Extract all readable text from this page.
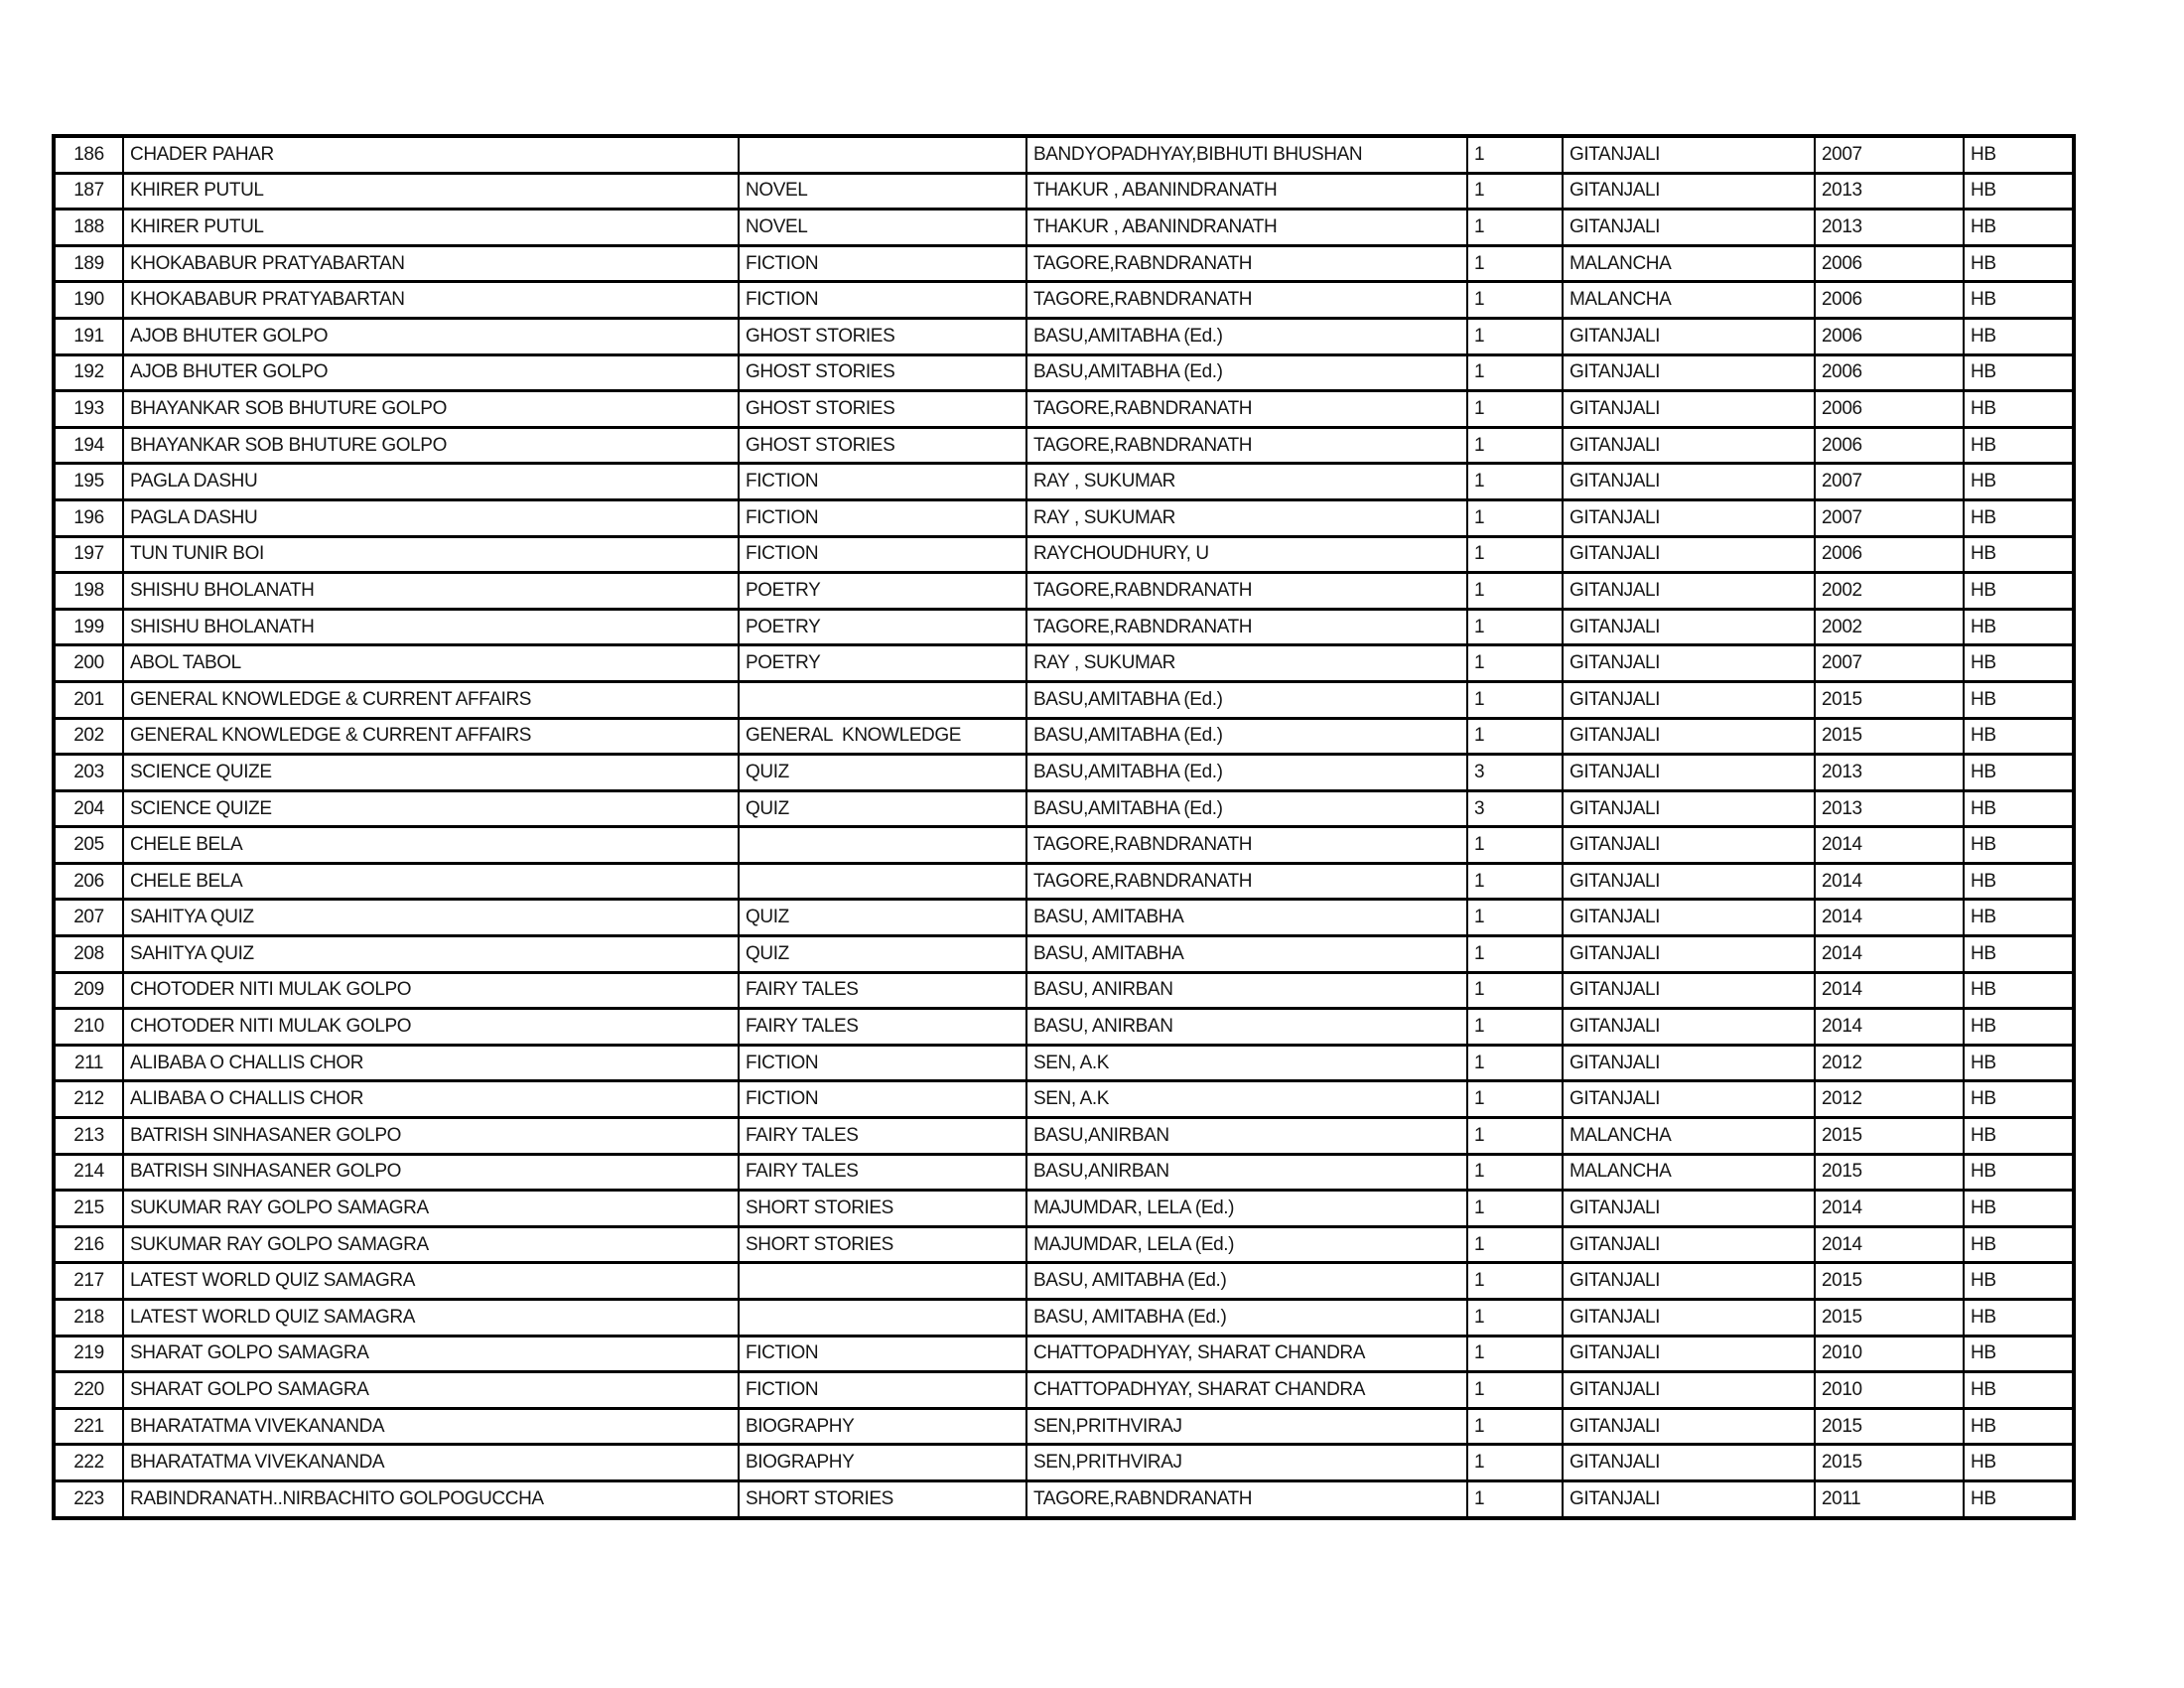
186	CHADER PAHAR		BANDYOPADHYAY,BIBHUTI BHUSHAN	1	GITANJALI	2007	HB
187	KHIRER PUTUL	NOVEL	THAKUR , ABANINDRANATH	1	GITANJALI	2013	HB
188	KHIRER PUTUL	NOVEL	THAKUR , ABANINDRANATH	1	GITANJALI	2013	HB
189	KHOKABABUR PRATYABARTAN	FICTION	TAGORE,RABNDRANATH	1	MALANCHA	2006	HB
190	KHOKABABUR PRATYABARTAN	FICTION	TAGORE,RABNDRANATH	1	MALANCHA	2006	HB
191	AJOB BHUTER GOLPO	GHOST STORIES	BASU,AMITABHA (Ed.)	1	GITANJALI	2006	HB
192	AJOB BHUTER GOLPO	GHOST STORIES	BASU,AMITABHA (Ed.)	1	GITANJALI	2006	HB
193	BHAYANKAR SOB BHUTURE GOLPO	GHOST STORIES	TAGORE,RABNDRANATH	1	GITANJALI	2006	HB
194	BHAYANKAR SOB BHUTURE GOLPO	GHOST STORIES	TAGORE,RABNDRANATH	1	GITANJALI	2006	HB
195	PAGLA DASHU	FICTION	RAY , SUKUMAR	1	GITANJALI	2007	HB
196	PAGLA DASHU	FICTION	RAY , SUKUMAR	1	GITANJALI	2007	HB
197	TUN TUNIR BOI	FICTION	RAYCHOUDHURY, U	1	GITANJALI	2006	HB
198	SHISHU BHOLANATH	POETRY	TAGORE,RABNDRANATH	1	GITANJALI	2002	HB
199	SHISHU BHOLANATH	POETRY	TAGORE,RABNDRANATH	1	GITANJALI	2002	HB
200	ABOL TABOL	POETRY	RAY , SUKUMAR	1	GITANJALI	2007	HB
201	GENERAL KNOWLEDGE & CURRENT AFFAIRS		BASU,AMITABHA (Ed.)	1	GITANJALI	2015	HB
202	GENERAL KNOWLEDGE & CURRENT AFFAIRS	GENERAL  KNOWLEDGE	BASU,AMITABHA (Ed.)	1	GITANJALI	2015	HB
203	SCIENCE QUIZE	QUIZ	BASU,AMITABHA (Ed.)	3	GITANJALI	2013	HB
204	SCIENCE QUIZE	QUIZ	BASU,AMITABHA (Ed.)	3	GITANJALI	2013	HB
205	CHELE BELA		TAGORE,RABNDRANATH	1	GITANJALI	2014	HB
206	CHELE BELA		TAGORE,RABNDRANATH	1	GITANJALI	2014	HB
207	SAHITYA QUIZ	QUIZ	BASU, AMITABHA	1	GITANJALI	2014	HB
208	SAHITYA QUIZ	QUIZ	BASU, AMITABHA	1	GITANJALI	2014	HB
209	CHOTODER NITI MULAK GOLPO	FAIRY TALES	BASU, ANIRBAN	1	GITANJALI	2014	HB
210	CHOTODER NITI MULAK GOLPO	FAIRY TALES	BASU, ANIRBAN	1	GITANJALI	2014	HB
211	ALIBABA O CHALLIS CHOR	FICTION	SEN, A.K	1	GITANJALI	2012	HB
212	ALIBABA O CHALLIS CHOR	FICTION	SEN, A.K	1	GITANJALI	2012	HB
213	BATRISH SINHASANER GOLPO	FAIRY TALES	BASU,ANIRBAN	1	MALANCHA	2015	HB
214	BATRISH SINHASANER GOLPO	FAIRY TALES	BASU,ANIRBAN	1	MALANCHA	2015	HB
215	SUKUMAR RAY GOLPO SAMAGRA	SHORT STORIES	MAJUMDAR, LELA (Ed.)	1	GITANJALI	2014	HB
216	SUKUMAR RAY GOLPO SAMAGRA	SHORT STORIES	MAJUMDAR, LELA (Ed.)	1	GITANJALI	2014	HB
217	LATEST WORLD QUIZ SAMAGRA		BASU, AMITABHA (Ed.)	1	GITANJALI	2015	HB
218	LATEST WORLD QUIZ SAMAGRA		BASU, AMITABHA (Ed.)	1	GITANJALI	2015	HB
219	SHARAT GOLPO SAMAGRA	FICTION	CHATTOPADHYAY, SHARAT CHANDRA	1	GITANJALI	2010	HB
220	SHARAT GOLPO SAMAGRA	FICTION	CHATTOPADHYAY, SHARAT CHANDRA	1	GITANJALI	2010	HB
221	BHARATATMA VIVEKANANDA	BIOGRAPHY	SEN,PRITHVIRAJ	1	GITANJALI	2015	HB
222	BHARATATMA VIVEKANANDA	BIOGRAPHY	SEN,PRITHVIRAJ	1	GITANJALI	2015	HB
223	RABINDRANATH..NIRBACHITO GOLPOGUCCHA	SHORT STORIES	TAGORE,RABNDRANATH	1	GITANJALI	2011	HB
